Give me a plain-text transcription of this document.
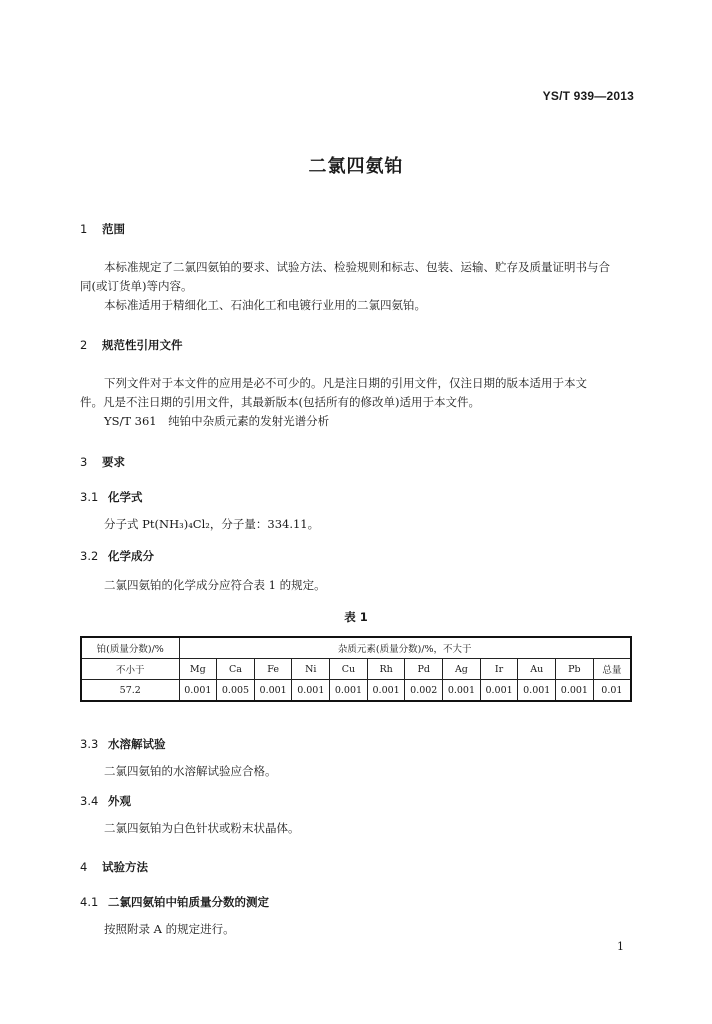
YS/T 939—2013
二氯四氨铂
1 范围
本标准规定了二氯四氨铂的要求、试验方法、检验规则和标志、包装、运输、贮存及质量证明书与合
同(或订货单)等内容。
本标准适用于精细化工、石油化工和电镀行业用的二氯四氨铂。
2 规范性引用文件
下列文件对于本文件的应用是必不可少的。凡是注日期的引用文件，仅注日期的版本适用于本文
件。凡是不注日期的引用文件，其最新版本(包括所有的修改单)适用于本文件。
YS/T 361　纯铂中杂质元素的发射光谱分析
3 要求
3.1 化学式
分子式 Pt(NH₃)₄Cl₂，分子量：334.11。
3.2 化学成分
二氯四氨铂的化学成分应符合表 1 的规定。
表 1
铂(质量分数)/%	杂质元素(质量分数)/%，不大于											
不小于	Mg	Ca	Fe	Ni	Cu	Rh	Pd	Ag	Ir	Au	Pb	总量
57.2	0.001	0.005	0.001	0.001	0.001	0.001	0.002	0.001	0.001	0.001	0.001	0.01
3.3 水溶解试验
二氯四氨铂的水溶解试验应合格。
3.4 外观
二氯四氨铂为白色针状或粉末状晶体。
4 试验方法
4.1 二氯四氨铂中铂质量分数的测定
按照附录 A 的规定进行。
1
